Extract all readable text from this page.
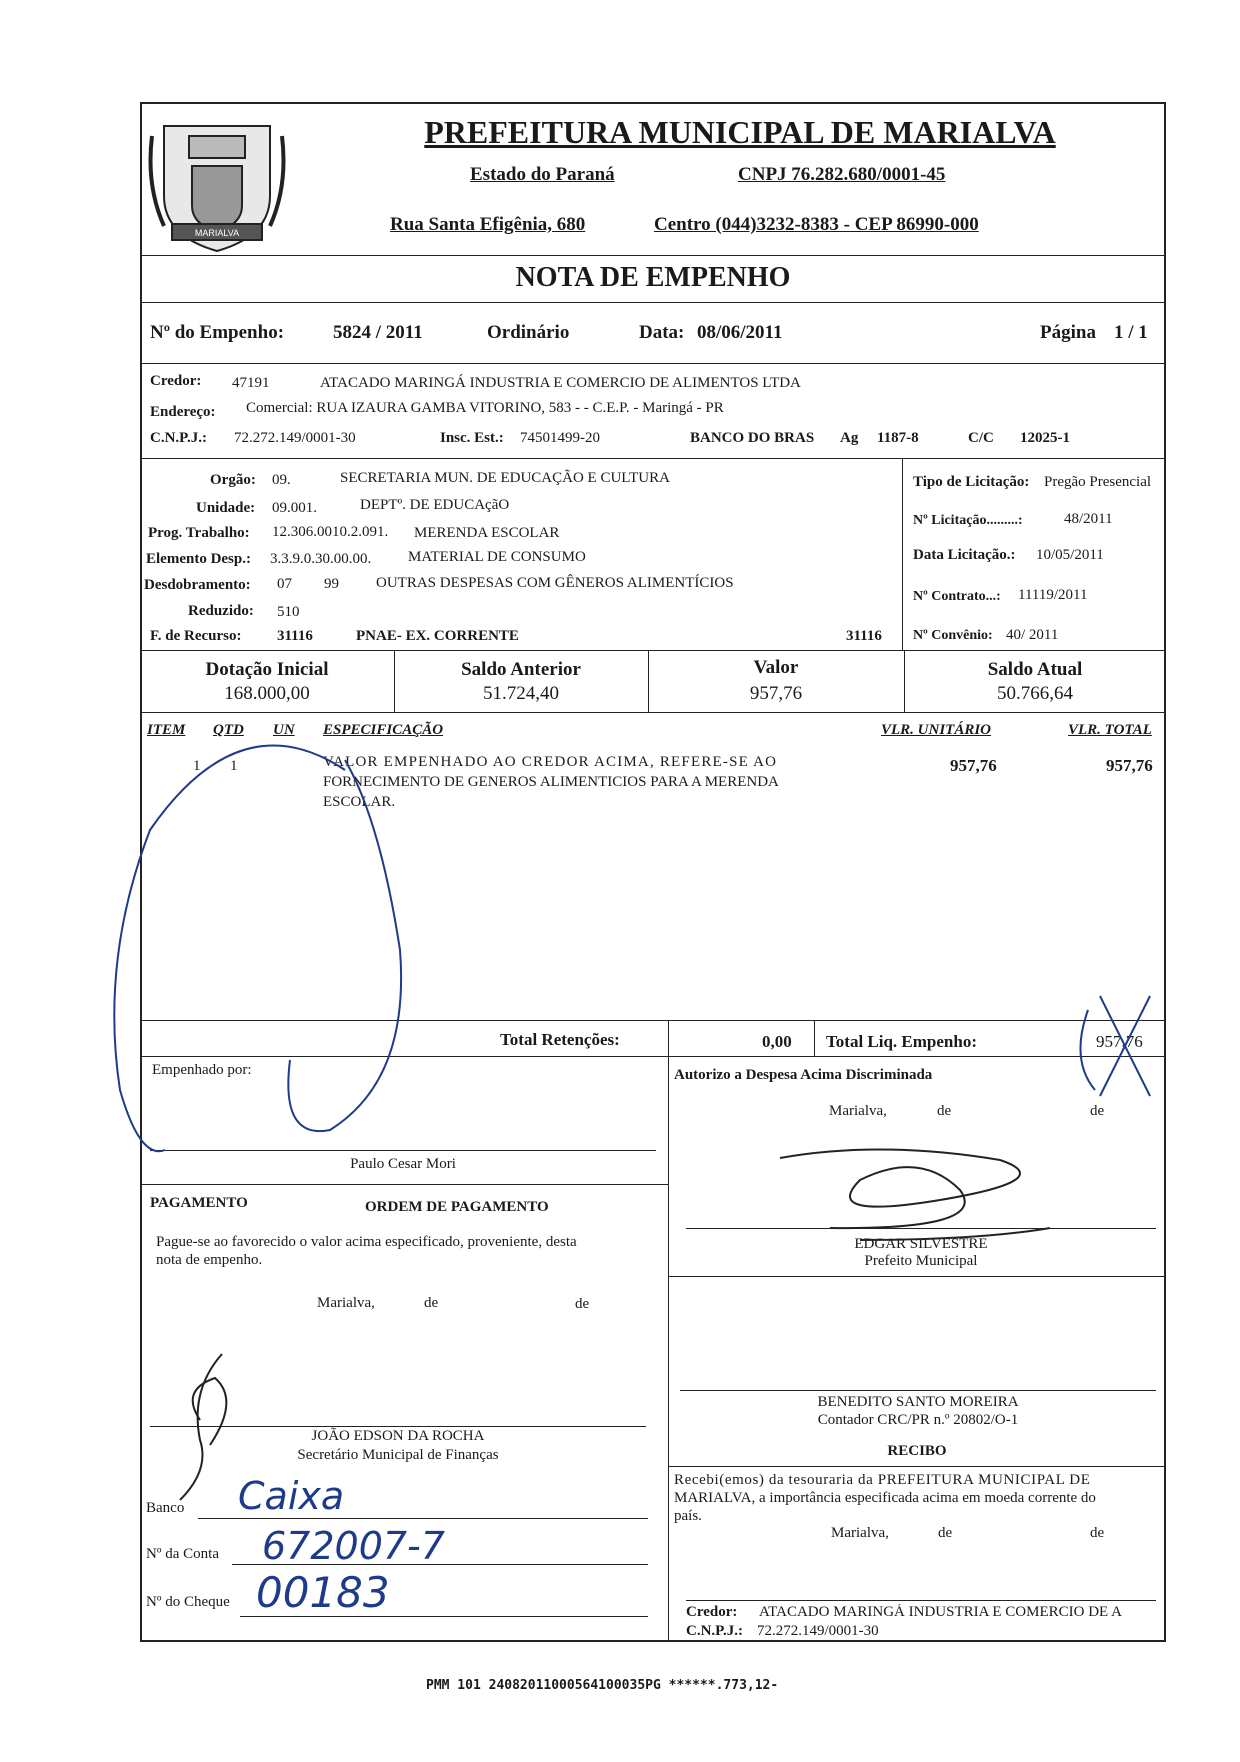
MARIALVA
PREFEITURA MUNICIPAL DE MARIALVA
Estado do Paraná	CNPJ 76.282.680/0001-45
Rua Santa Efigênia, 680	Centro (044)3232-8383 - CEP 86990-000
NOTA DE EMPENHO
Nº do Empenho:	5824 / 2011	Ordinário	Data: 08/06/2011	Página 1 / 1
Credor: 47191	ATACADO MARINGÁ INDUSTRIA E COMERCIO DE ALIMENTOS LTDA
Endereço: Comercial: RUA IZAURA GAMBA VITORINO, 583 - - C.E.P. - Maringá - PR
C.N.P.J.: 72.272.149/0001-30	Insc. Est.: 74501499-20	BANCO DO BRAS Ag 1187-8	C/C 12025-1
Orgão: 09.	SECRETARIA MUN. DE EDUCAÇÃO E CULTURA
Unidade: 09.001.	DEPTº. DE EDUCAçãO
Prog. Trabalho: 12.306.0010.2.091. MERENDA ESCOLAR
Elemento Desp.: 3.3.9.0.30.00.00. MATERIAL DE CONSUMO
Desdobramento: 07 99 OUTRAS DESPESAS COM GÊNEROS ALIMENTÍCIOS
Reduzido: 510
F. de Recurso: 31116	PNAE- EX. CORRENTE	31116
Tipo de Licitação: Pregão Presencial
Nº Licitação.........:	48/2011
Data Licitação.: 10/05/2011
Nº Contrato...: 11119/2011
Nº Convênio: 40/ 2011
Dotação Inicial
168.000,00
Saldo Anterior
51.724,40
Valor
957,76
Saldo Atual
50.766,64
ITEM QTD UN ESPECIFICAÇÃO	VLR. UNITÁRIO	VLR. TOTAL
1 1	VALOR EMPENHADO AO CREDOR ACIMA, REFERE-SE AO
FORNECIMENTO DE GENEROS ALIMENTICIOS PARA A MERENDA
ESCOLAR.
957,76	957,76
Total Retenções:	0,00 Total Liq. Empenho:	957,76
Empenhado por:
Paulo Cesar Mori
Autorizo a Despesa Acima Discriminada
Marialva,	de	de
EDGAR SILVESTRE
Prefeito Municipal
PAGAMENTO	ORDEM DE PAGAMENTO
Pague-se ao favorecido o valor acima especificado, proveniente, desta
nota de empenho.
Marialva,	de	de
JOÃO EDSON DA ROCHA
Secretário Municipal de Finanças
BENEDITO SANTO MOREIRA
Contador CRC/PR n.º 20802/O-1
RECIBO
Recebi(emos) da tesouraria da PREFEITURA MUNICIPAL DE
MARIALVA, a importância especificada acima em moeda corrente do
país.
Marialva,	de	de
Credor: ATACADO MARINGÁ INDUSTRIA E COMERCIO DE A
C.N.P.J.: 72.272.149/0001-30
Banco Caixa
Nº da Conta 672007-7
Nº do Cheque 00183
PMM 101 24082011000564100035PG ******.773,12-
